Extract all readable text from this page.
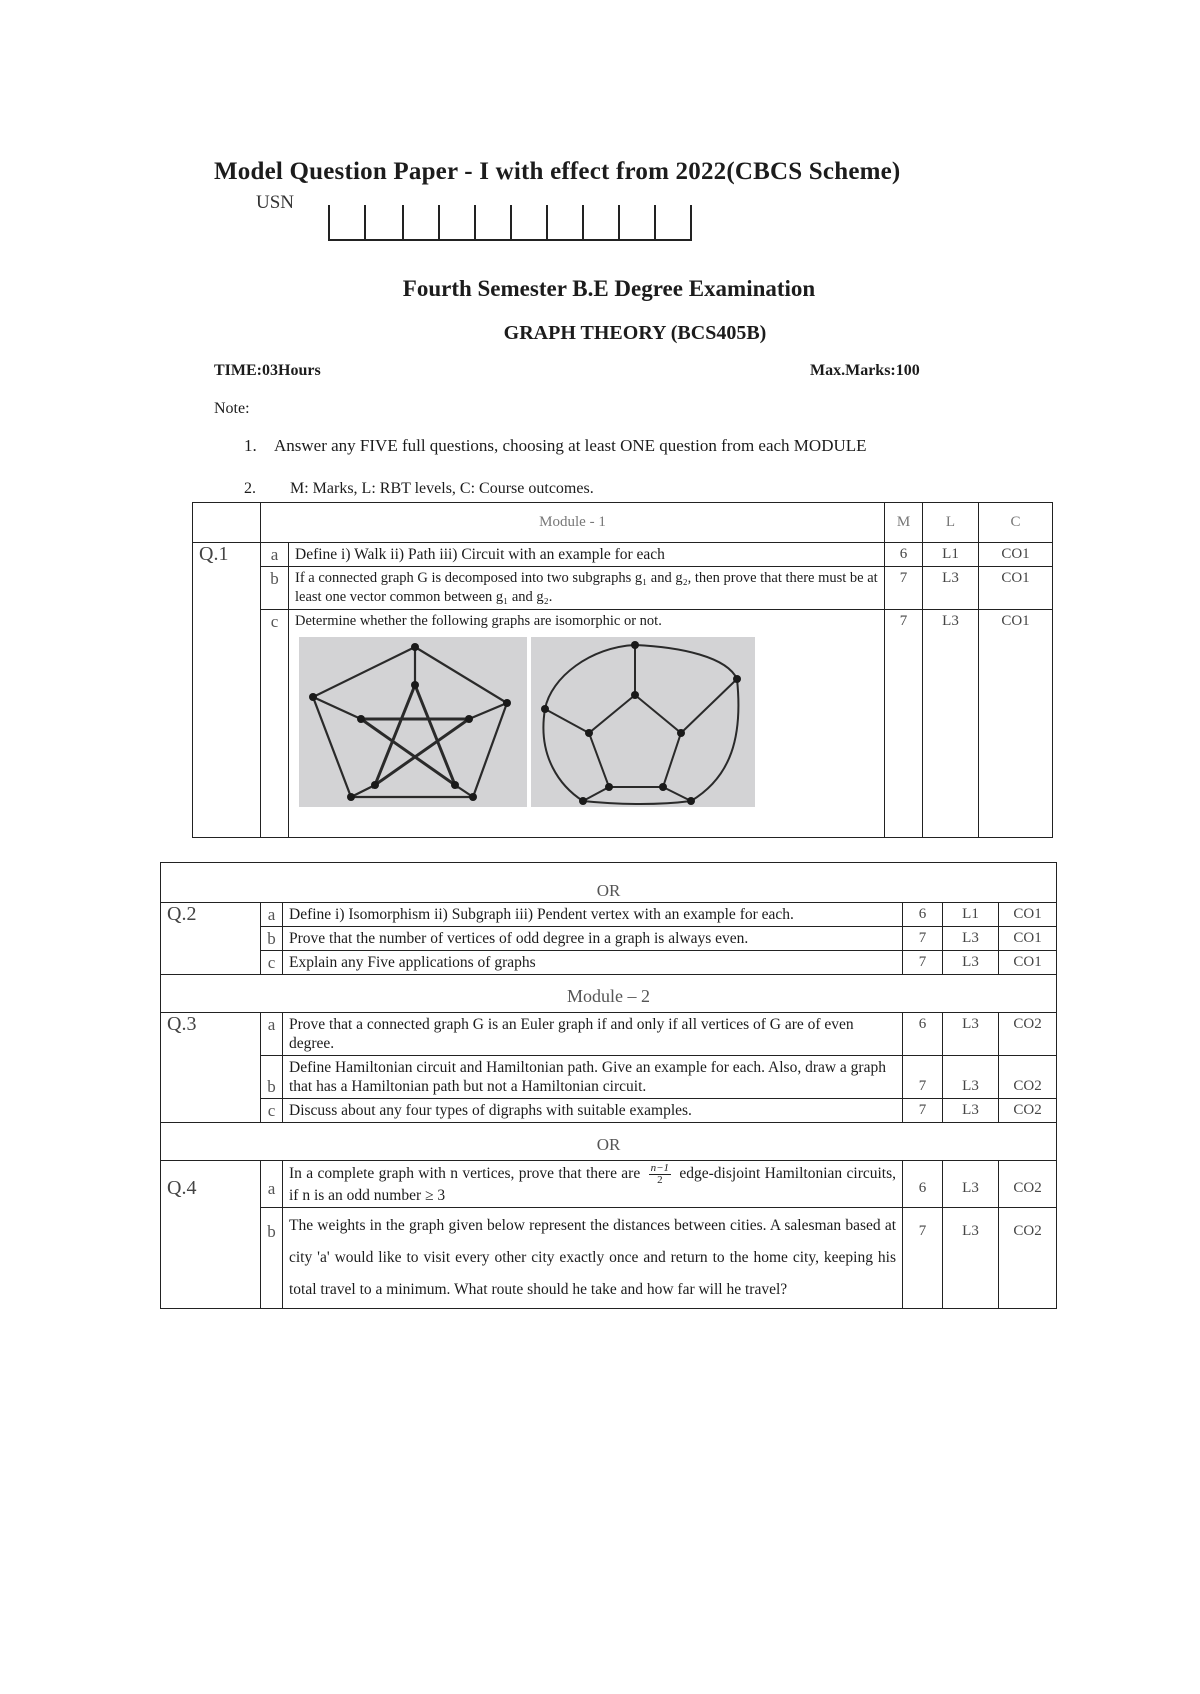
Model Question Paper - I with effect from 2022(CBCS Scheme)
USN
Fourth Semester B.E Degree Examination
GRAPH THEORY (BCS405B)
TIME:03Hours	Max.Marks:100
Note:
1. Answer any FIVE full questions, choosing at least ONE question from each MODULE
2. M: Marks, L: RBT levels, C: Course outcomes.
	Module - 1		M	L	C
Q.1	a	Define i) Walk ii) Path iii) Circuit with an example for each	6	L1	CO1
	b	If a connected graph G is decomposed into two subgraphs g₁ and g₂, then prove that there must be at least one vector common between g₁ and g₂.	7	L3	CO1
	c	Determine whether the following graphs are isomorphic or not.	7	L3	CO1
OR					
Q.2	a	Define i) Isomorphism ii) Subgraph iii) Pendent vertex with an example for each.	6	L1	CO1
	b	Prove that the number of vertices of odd degree in a graph is always even.	7	L3	CO1
	c	Explain any Five applications of graphs	7	L3	CO1
Module – 2					
Q.3	a	Prove that a connected graph G is an Euler graph if and only if all vertices of G are of even degree.	6	L3	CO2
	b	Define Hamiltonian circuit and Hamiltonian path. Give an example for each. Also, draw a graph that has a Hamiltonian path but not a Hamiltonian circuit.	7	L3	CO2
	c	Discuss about any four types of digraphs with suitable examples.	7	L3	CO2
OR					
Q.4	a	In a complete graph with n vertices, prove that there are $\frac{n-1}{2}$ edge-disjoint Hamiltonian circuits, if n is an odd number ≥ 3	6	L3	CO2
	b	The weights in the graph given below represent the distances between cities. A salesman based at city 'a' would like to visit every other city exactly once and return to the home city, keeping his total travel to a minimum. What route should he take and how far will he travel?	7	L3	CO2
